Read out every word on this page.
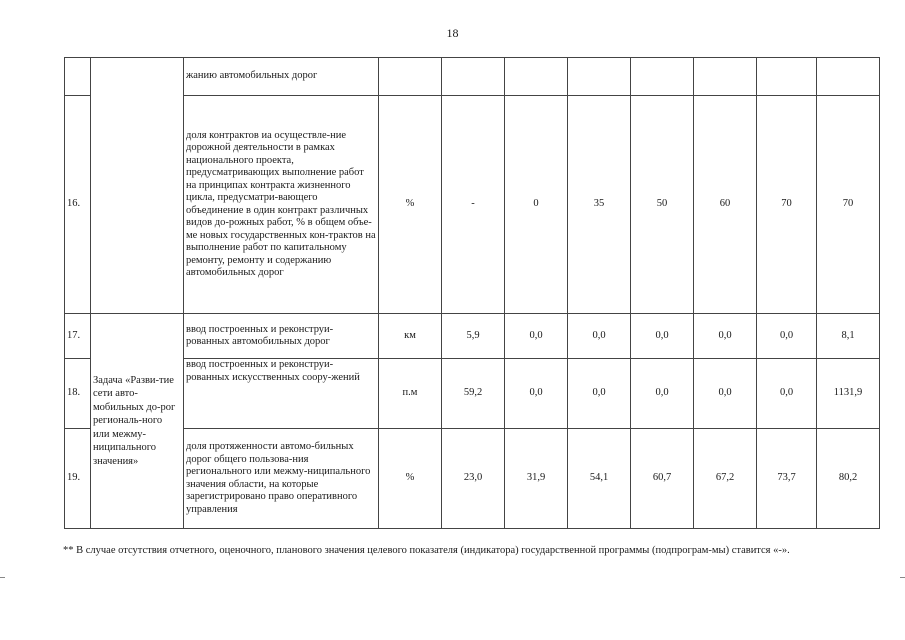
18
		жанию автомобильных дорог								
16.		доля контрактов иа осуществле-ние дорожной деятельности в рамках национального проекта, предусматривающих выполнение работ на принципах контракта жизненного цикла, предусматри-вающего объединение в один контракт различных видов до-рожных работ, % в общем объе-ме новых государственных кон-трактов на выполнение работ по капитальному ремонту, ремонту и содержанию автомобильных дорог	%	-	0	35	50	60	70	70
17.	Задача «Разви-тие сети авто-мобильных до-рог региональ-ного или межму-ниципального значения»	ввод построенных и реконструи-рованных автомобильных дорог	км	5,9	0,0	0,0	0,0	0,0	0,0	8,1
18.		ввод построенных и реконструи-рованных искусственных соору-жений	п.м	59,2	0,0	0,0	0,0	0,0	0,0	1131,9
19.		доля протяженности автомо-бильных дорог общего пользова-ния регионального или межму-ниципального значения области, на которые зарегистрировано право оперативного управления	%	23,0	31,9	54,1	60,7	67,2	73,7	80,2
** В случае отсутствия отчетного, оценочного, планового значения целевого показателя (индикатора) государственной программы (подпрограм-мы) ставится «-».
